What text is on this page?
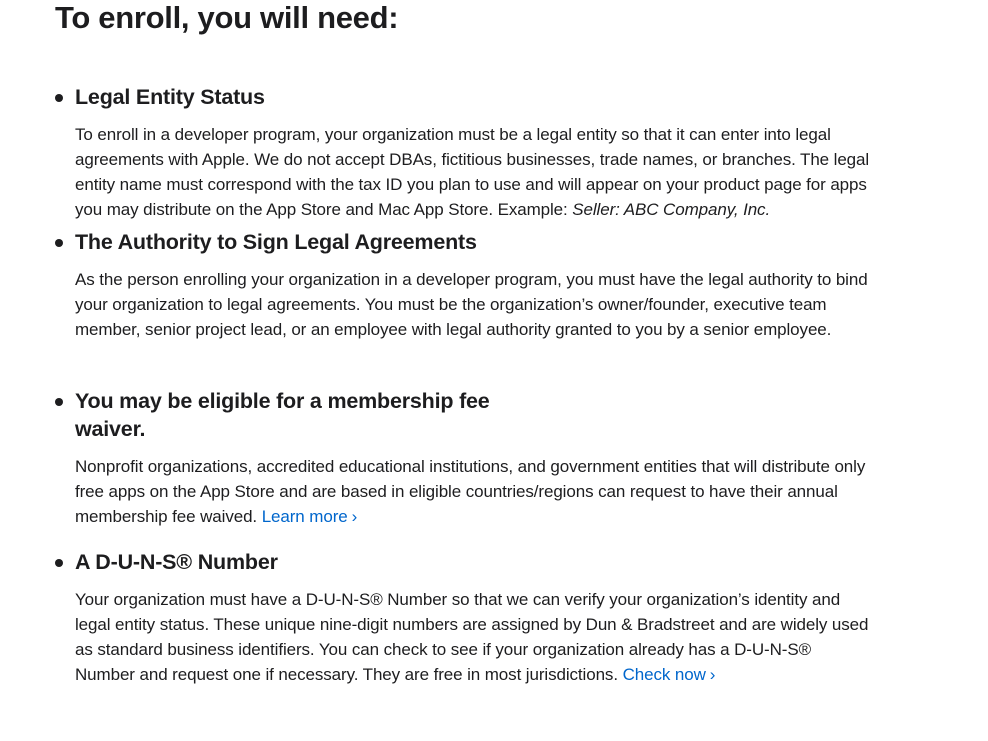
To enroll, you will need:
Legal Entity Status

To enroll in a developer program, your organization must be a legal entity so that it can enter into legal agreements with Apple. We do not accept DBAs, fictitious businesses, trade names, or branches. The legal entity name must correspond with the tax ID you plan to use and will appear on your product page for apps you may distribute on the App Store and Mac App Store. Example: Seller: ABC Company, Inc.

The Authority to Sign Legal Agreements

As the person enrolling your organization in a developer program, you must have the legal authority to bind your organization to legal agreements. You must be the organization’s owner/founder, executive team member, senior project lead, or an employee with legal authority granted to you by a senior employee.

You may be eligible for a membership fee waiver.

Nonprofit organizations, accredited educational institutions, and government entities that will distribute only free apps on the App Store and are based in eligible countries/regions can request to have their annual membership fee waived. Learn more ›

A D-U-N-S® Number

Your organization must have a D-U-N-S® Number so that we can verify your organization’s identity and legal entity status. These unique nine-digit numbers are assigned by Dun & Bradstreet and are widely used as standard business identifiers. You can check to see if your organization already has a D-U-N-S® Number and request one if necessary. They are free in most jurisdictions. Check now ›
